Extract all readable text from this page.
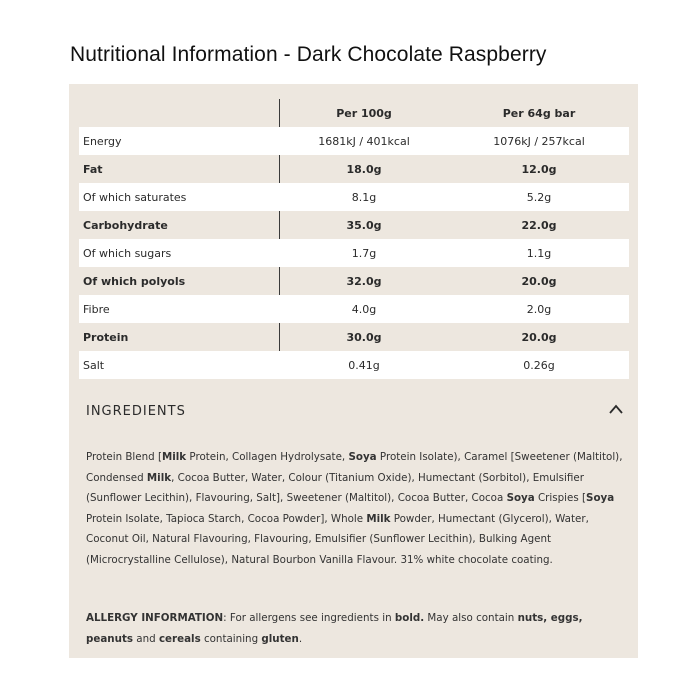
Nutritional Information - Dark Chocolate Raspberry
Per 100g	Per 64g bar
Energy	1681kJ / 401kcal	1076kJ / 257kcal
Fat	18.0g	12.0g
Of which saturates	8.1g	5.2g
Carbohydrate	35.0g	22.0g
Of which sugars	1.7g	1.1g
Of which polyols	32.0g	20.0g
Fibre	4.0g	2.0g
Protein	30.0g	20.0g
Salt	0.41g	0.26g
INGREDIENTS
Protein Blend [Milk Protein, Collagen Hydrolysate, Soya Protein Isolate), Caramel [Sweetener (Maltitol), Condensed Milk, Cocoa Butter, Water, Colour (Titanium Oxide), Humectant (Sorbitol), Emulsifier (Sunflower Lecithin), Flavouring, Salt], Sweetener (Maltitol), Cocoa Butter, Cocoa Soya Crispies [Soya Protein Isolate, Tapioca Starch, Cocoa Powder], Whole Milk Powder, Humectant (Glycerol), Water, Coconut Oil, Natural Flavouring, Flavouring, Emulsifier (Sunflower Lecithin), Bulking Agent (Microcrystalline Cellulose), Natural Bourbon Vanilla Flavour. 31% white chocolate coating.
ALLERGY INFORMATION: For allergens see ingredients in bold. May also contain nuts, eggs, peanuts and cereals containing gluten.
